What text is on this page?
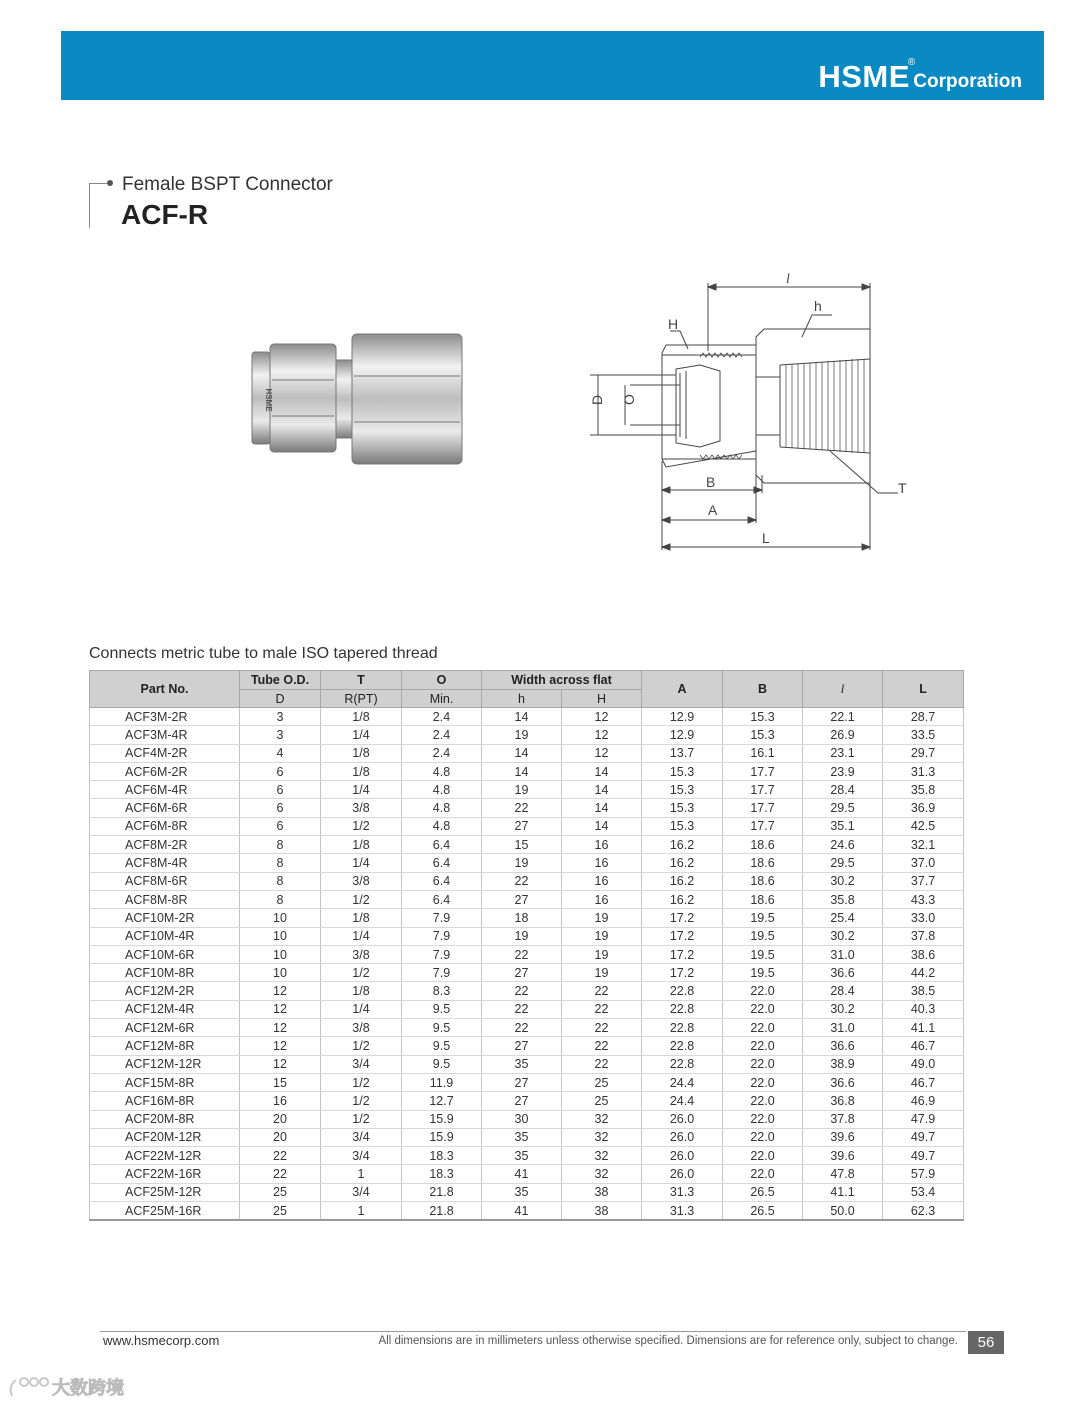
HSME®Corporation
Female BSPT Connector
ACF-R
HSME
l
h
H
D O
B
A
L
T
Connects metric tube to male ISO tapered thread
Part No.	Tube O.D.	T	O	Width across flat		A	B	l	L
	D	R(PT)	Min.	h	H				
ACF3M-2R	3	1/8	2.4	14	12	12.9	15.3	22.1	28.7
ACF3M-4R	3	1/4	2.4	19	12	12.9	15.3	26.9	33.5
ACF4M-2R	4	1/8	2.4	14	12	13.7	16.1	23.1	29.7
ACF6M-2R	6	1/8	4.8	14	14	15.3	17.7	23.9	31.3
ACF6M-4R	6	1/4	4.8	19	14	15.3	17.7	28.4	35.8
ACF6M-6R	6	3/8	4.8	22	14	15.3	17.7	29.5	36.9
ACF6M-8R	6	1/2	4.8	27	14	15.3	17.7	35.1	42.5
ACF8M-2R	8	1/8	6.4	15	16	16.2	18.6	24.6	32.1
ACF8M-4R	8	1/4	6.4	19	16	16.2	18.6	29.5	37.0
ACF8M-6R	8	3/8	6.4	22	16	16.2	18.6	30.2	37.7
ACF8M-8R	8	1/2	6.4	27	16	16.2	18.6	35.8	43.3
ACF10M-2R	10	1/8	7.9	18	19	17.2	19.5	25.4	33.0
ACF10M-4R	10	1/4	7.9	19	19	17.2	19.5	30.2	37.8
ACF10M-6R	10	3/8	7.9	22	19	17.2	19.5	31.0	38.6
ACF10M-8R	10	1/2	7.9	27	19	17.2	19.5	36.6	44.2
ACF12M-2R	12	1/8	8.3	22	22	22.8	22.0	28.4	38.5
ACF12M-4R	12	1/4	9.5	22	22	22.8	22.0	30.2	40.3
ACF12M-6R	12	3/8	9.5	22	22	22.8	22.0	31.0	41.1
ACF12M-8R	12	1/2	9.5	27	22	22.8	22.0	36.6	46.7
ACF12M-12R	12	3/4	9.5	35	22	22.8	22.0	38.9	49.0
ACF15M-8R	15	1/2	11.9	27	25	24.4	22.0	36.6	46.7
ACF16M-8R	16	1/2	12.7	27	25	24.4	22.0	36.8	46.9
ACF20M-8R	20	1/2	15.9	30	32	26.0	22.0	37.8	47.9
ACF20M-12R	20	3/4	15.9	35	32	26.0	22.0	39.6	49.7
ACF22M-12R	22	3/4	18.3	35	32	26.0	22.0	39.6	49.7
ACF22M-16R	22	1	18.3	41	32	26.0	22.0	47.8	57.9
ACF25M-12R	25	3/4	21.8	35	38	31.3	26.5	41.1	53.4
ACF25M-16R	25	1	21.8	41	38	31.3	26.5	50.0	62.3
www.hsmecorp.com	All dimensions are in millimeters unless otherwise specified. Dimensions are for reference only, subject to change.	56
大数跨境
